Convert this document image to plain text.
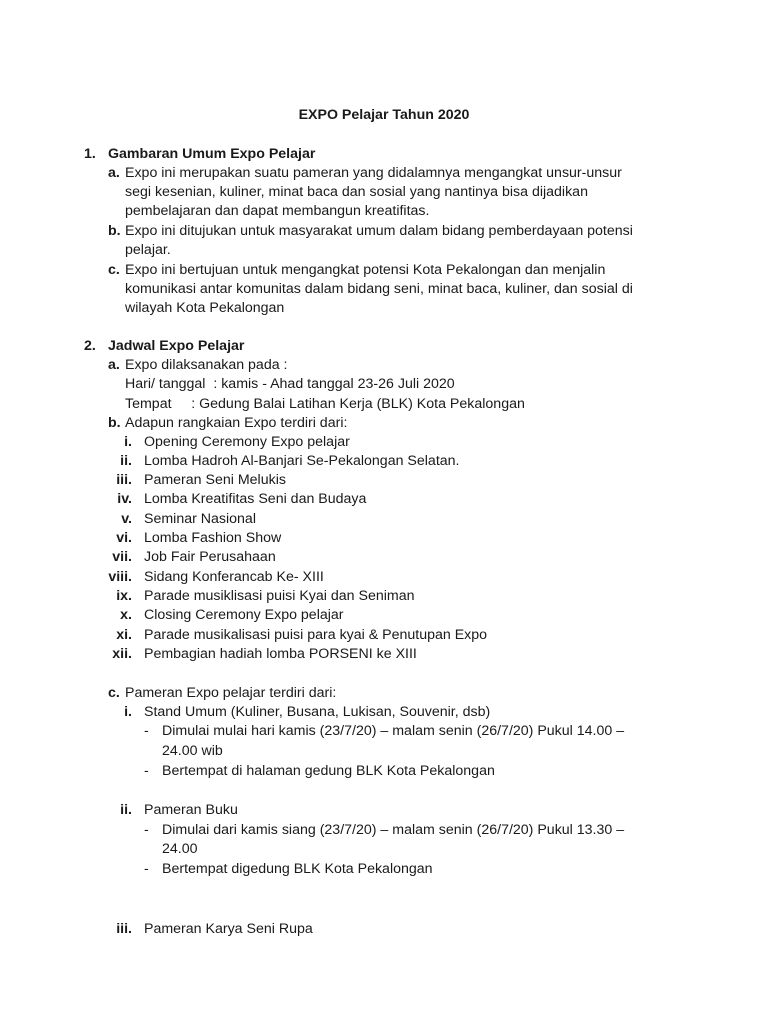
EXPO Pelajar Tahun 2020
1. Gambaran Umum Expo Pelajar
a. Expo ini merupakan suatu pameran yang didalamnya mengangkat unsur-unsur
segi kesenian, kuliner, minat baca dan sosial yang nantinya bisa dijadikan
pembelajaran dan dapat membangun kreatifitas.
b. Expo ini ditujukan untuk masyarakat umum dalam bidang pemberdayaan potensi
pelajar.
c. Expo ini bertujuan untuk mengangkat potensi Kota Pekalongan dan menjalin
komunikasi antar komunitas dalam bidang seni, minat baca, kuliner, dan sosial di
wilayah Kota Pekalongan
2. Jadwal Expo Pelajar
a. Expo dilaksanakan pada :
Hari/ tanggal  : kamis - Ahad tanggal 23-26 Juli 2020
Tempat     : Gedung Balai Latihan Kerja (BLK) Kota Pekalongan
b. Adapun rangkaian Expo terdiri dari:
i. Opening Ceremony Expo pelajar
ii. Lomba Hadroh Al-Banjari Se-Pekalongan Selatan.
iii. Pameran Seni Melukis
iv. Lomba Kreatifitas Seni dan Budaya
v. Seminar Nasional
vi. Lomba Fashion Show
vii. Job Fair Perusahaan
viii. Sidang Konferancab Ke- XIII
ix. Parade musiklisasi puisi Kyai dan Seniman
x. Closing Ceremony Expo pelajar
xi. Parade musikalisasi puisi para kyai & Penutupan Expo
xii. Pembagian hadiah lomba PORSENI ke XIII
c. Pameran Expo pelajar terdiri dari:
i. Stand Umum (Kuliner, Busana, Lukisan, Souvenir, dsb)
- Dimulai mulai hari kamis (23/7/20) – malam senin (26/7/20) Pukul 14.00 –
24.00 wib
- Bertempat di halaman gedung BLK Kota Pekalongan
ii. Pameran Buku
- Dimulai dari kamis siang (23/7/20) – malam senin (26/7/20) Pukul 13.30 –
24.00
- Bertempat digedung BLK Kota Pekalongan
iii. Pameran Karya Seni Rupa
